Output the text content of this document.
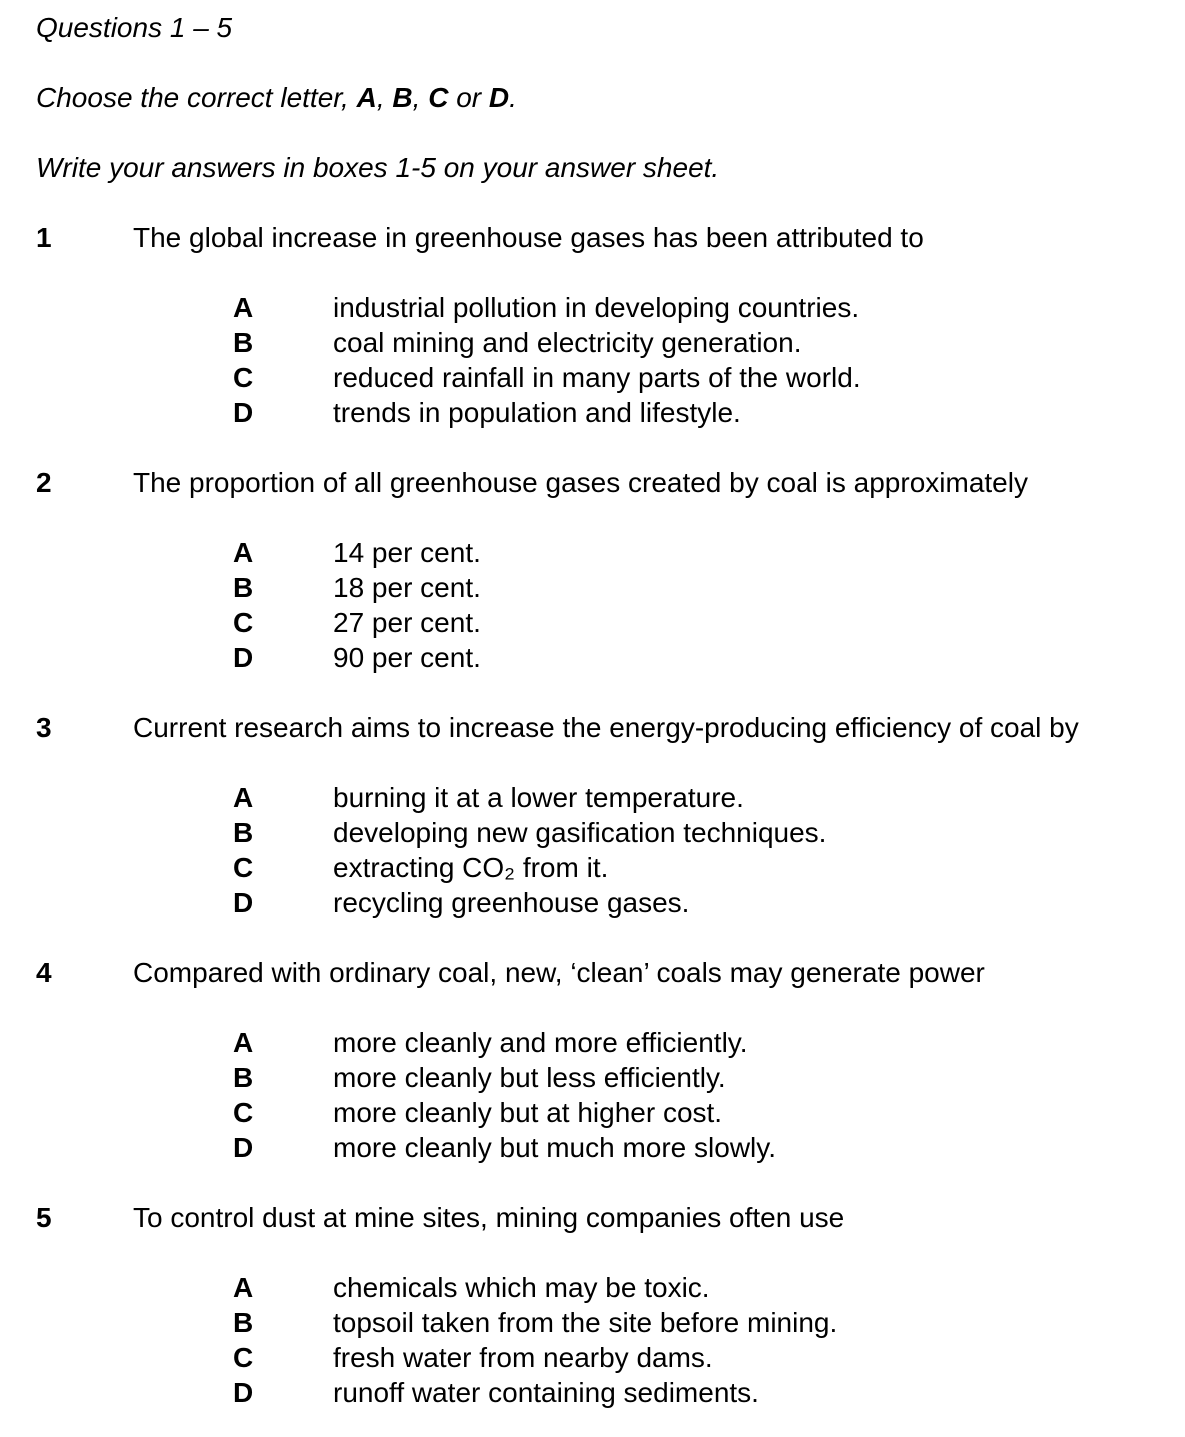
Questions 1 – 5

Choose the correct letter, A, B, C or D.

Write your answers in boxes 1-5 on your answer sheet.

1	The global increase in greenhouse gases has been attributed to
A	industrial pollution in developing countries.
B	coal mining and electricity generation.
C	reduced rainfall in many parts of the world.
D	trends in population and lifestyle.
2	The proportion of all greenhouse gases created by coal is approximately
A	14 per cent.
B	18 per cent.
C	27 per cent.
D	90 per cent.
3	Current research aims to increase the energy-producing efficiency of coal by
A	burning it at a lower temperature.
B	developing new gasification techniques.
C	extracting CO₂ from it.
D	recycling greenhouse gases.
4	Compared with ordinary coal, new, ‘clean’ coals may generate power
A	more cleanly and more efficiently.
B	more cleanly but less efficiently.
C	more cleanly but at higher cost.
D	more cleanly but much more slowly.
5	To control dust at mine sites, mining companies often use
A	chemicals which may be toxic.
B	topsoil taken from the site before mining.
C	fresh water from nearby dams.
D	runoff water containing sediments.
